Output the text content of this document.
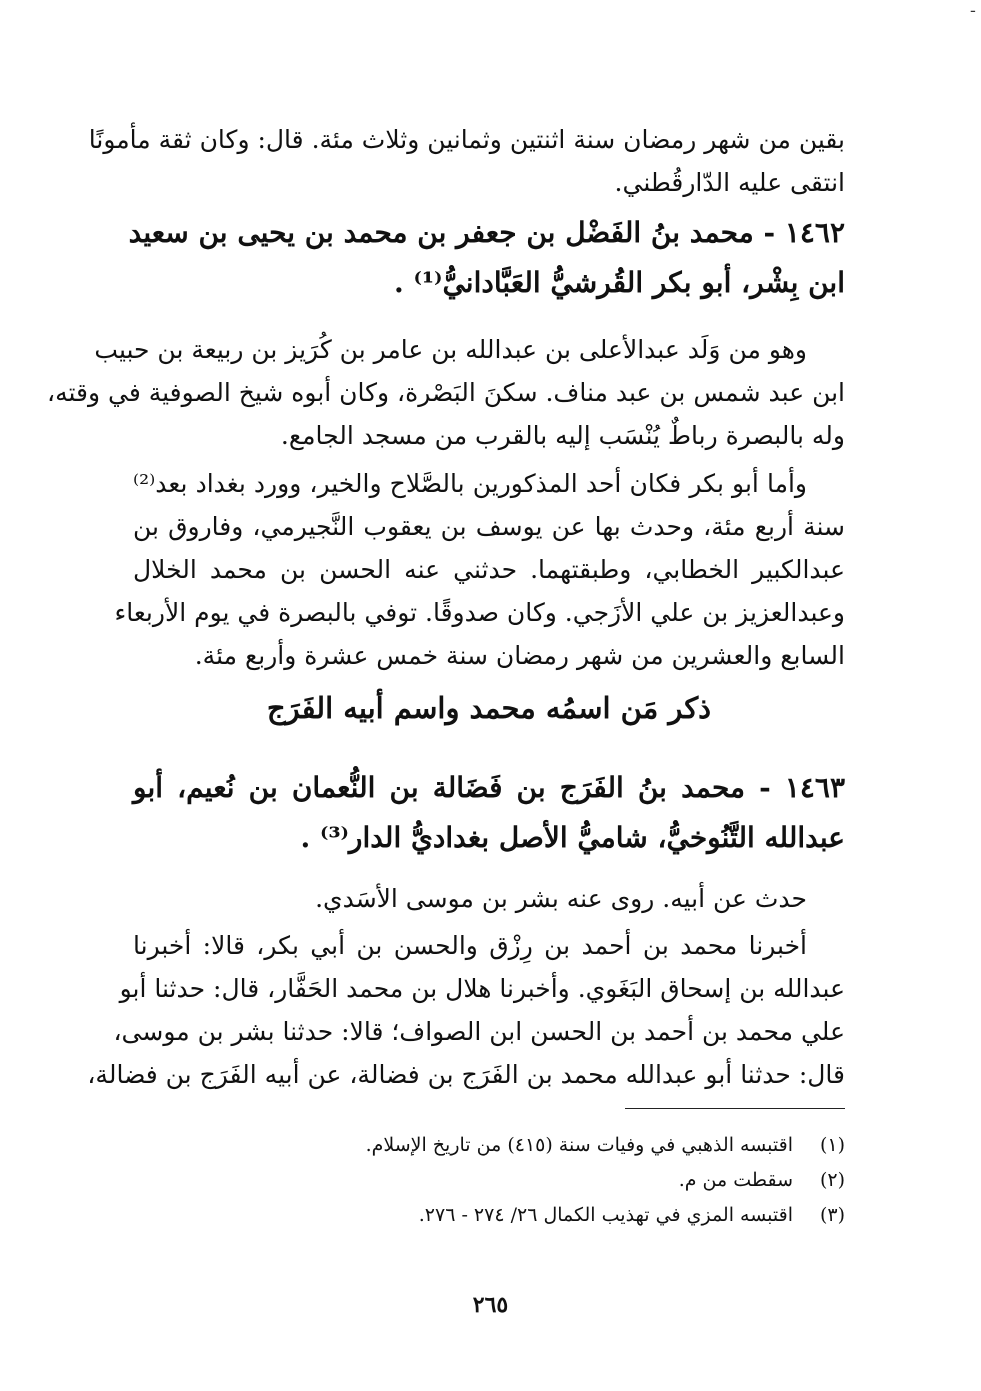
ـ
بقين من شهر رمضان سنة اثنتين وثمانين وثلاث مئة. قال: وكان ثقة مأمونًا
انتقى عليه الدّارقُطني.
١٤٦٢ - محمد بنُ الفَضْل بن جعفر بن محمد بن يحيى بن سعيد
ابن بِشْر، أبو بكر القُرشيُّ العَبَّادانيُّ⁽¹⁾ .
وهو من وَلَد عبدالأعلى بن عبدالله بن عامر بن كُرَيز بن ربيعة بن حبيب
ابن عبد شمس بن عبد مناف. سكنَ البَصْرة، وكان أبوه شيخ الصوفية في وقته،
وله بالبصرة رباطٌ يُنْسَب إليه بالقرب من مسجد الجامع.
وأما أبو بكر فكان أحد المذكورين بالصَّلاح والخير، وورد بغداد بعد⁽²⁾
سنة أربع مئة، وحدث بها عن يوسف بن يعقوب النَّجيرمي، وفاروق بن
عبدالكبير الخطابي، وطبقتهما. حدثني عنه الحسن بن محمد الخلال
وعبدالعزيز بن علي الأزَجي. وكان صدوقًا. توفي بالبصرة في يوم الأربعاء
السابع والعشرين من شهر رمضان سنة خمس عشرة وأربع مئة.
ذكر مَن اسمُه محمد واسم أبيه الفَرَج
١٤٦٣ - محمد بنُ الفَرَج بن فَضَالة بن النُّعمان بن نُعيم، أبو
عبدالله التَّنُوخيُّ، شاميُّ الأصل بغداديُّ الدار⁽³⁾ .
حدث عن أبيه. روى عنه بشر بن موسى الأسَدي.
أخبرنا محمد بن أحمد بن رِزْق والحسن بن أبي بكر، قالا: أخبرنا
عبدالله بن إسحاق البَغَوي. وأخبرنا هلال بن محمد الحَفَّار، قال: حدثنا أبو
علي محمد بن أحمد بن الحسن ابن الصواف؛ قالا: حدثنا بشر بن موسى،
قال: حدثنا أبو عبدالله محمد بن الفَرَج بن فضالة، عن أبيه الفَرَج بن فضالة،
(١)اقتبسه الذهبي في وفيات سنة (٤١٥) من تاريخ الإسلام.
(٢)سقطت من م.
(٣)اقتبسه المزي في تهذيب الكمال ٢٦/ ٢٧٤ - ٢٧٦.
٢٦٥
